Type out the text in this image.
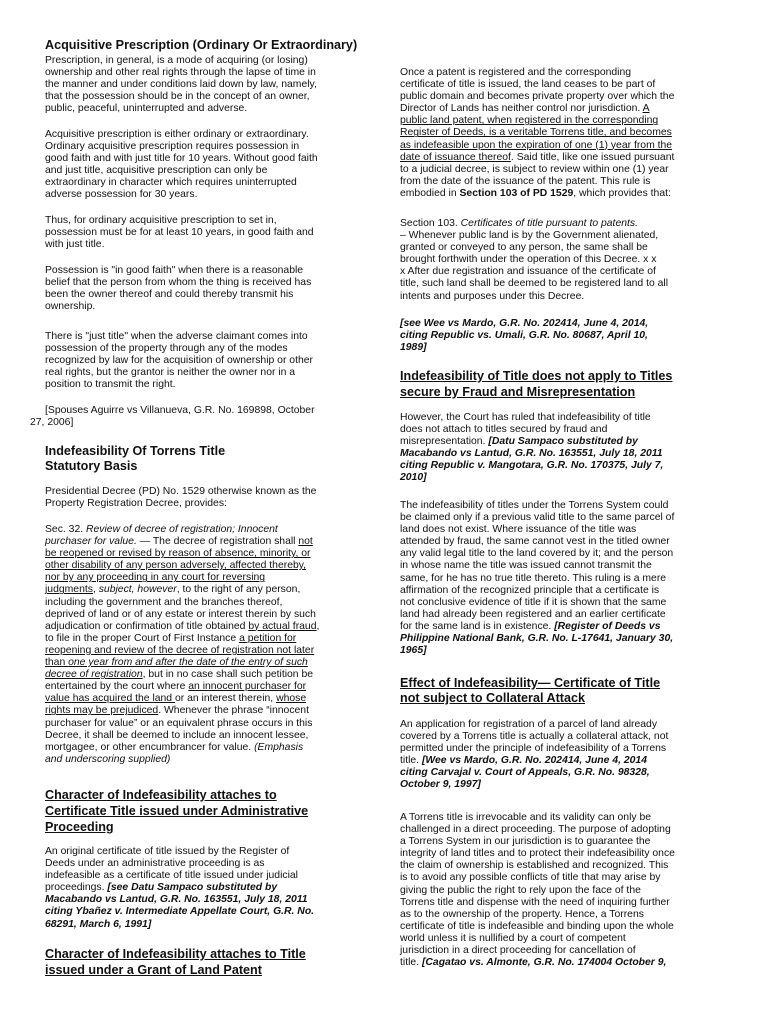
Acquisitive Prescription (Ordinary Or Extraordinary)
Prescription, in general, is a mode of acquiring (or losing)
ownership and other real rights through the lapse of time in
the manner and under conditions laid down by law, namely,
that the possession should be in the concept of an owner,
public, peaceful, uninterrupted and adverse.
Acquisitive prescription is either ordinary or extraordinary.
Ordinary acquisitive prescription requires possession in
good faith and with just title for 10 years. Without good faith
and just title, acquisitive prescription can only be
extraordinary in character which requires uninterrupted
adverse possession for 30 years.
Thus, for ordinary acquisitive prescription to set in,
possession must be for at least 10 years, in good faith and
with just title.
Possession is "in good faith" when there is a reasonable
belief that the person from whom the thing is received has
been the owner thereof and could thereby transmit his
ownership.
There is "just title" when the adverse claimant comes into
possession of the property through any of the modes
recognized by law for the acquisition of ownership or other
real rights, but the grantor is neither the owner nor in a
position to transmit the right.
[Spouses Aguirre vs Villanueva, G.R. No. 169898, October
27, 2006]
Indefeasibility Of Torrens Title
Statutory Basis
Presidential Decree (PD) No. 1529 otherwise known as the
Property Registration Decree, provides:
Sec. 32. Review of decree of registration; Innocent
purchaser for value. — The decree of registration shall not
be reopened or revised by reason of absence, minority, or
other disability of any person adversely, affected thereby,
nor by any proceeding in any court for reversing
judgments, subject, however, to the right of any person,
including the government and the branches thereof,
deprived of land or of any estate or interest therein by such
adjudication or confirmation of title obtained by actual fraud,
to file in the proper Court of First Instance a petition for
reopening and review of the decree of registration not later
than one year from and after the date of the entry of such
decree of registration, but in no case shall such petition be
entertained by the court where an innocent purchaser for
value has acquired the land or an interest therein, whose
rights may be prejudiced. Whenever the phrase “innocent
purchaser for value” or an equivalent phrase occurs in this
Decree, it shall be deemed to include an innocent lessee,
mortgagee, or other encumbrancer for value. (Emphasis
and underscoring supplied)
Character of Indefeasibility attaches to
Certificate Title issued under Administrative
Proceeding
An original certificate of title issued by the Register of
Deeds under an administrative proceeding is as
indefeasible as a certificate of title issued under judicial
proceedings. [see Datu Sampaco substituted by
Macabando vs Lantud, G.R. No. 163551, July 18, 2011
citing Ybañez v. Intermediate Appellate Court, G.R. No.
68291, March 6, 1991]
Character of Indefeasibility attaches to Title
issued under a Grant of Land Patent
Once a patent is registered and the corresponding
certificate of title is issued, the land ceases to be part of
public domain and becomes private property over which the
Director of Lands has neither control nor jurisdiction. A
public land patent, when registered in the corresponding
Register of Deeds, is a veritable Torrens title, and becomes
as indefeasible upon the expiration of one (1) year from the
date of issuance thereof. Said title, like one issued pursuant
to a judicial decree, is subject to review within one (1) year
from the date of the issuance of the patent. This rule is
embodied in Section 103 of PD 1529, which provides that:
Section 103. Certificates of title pursuant to patents.
– Whenever public land is by the Government alienated,
granted or conveyed to any person, the same shall be
brought forthwith under the operation of this Decree. x x
x After due registration and issuance of the certificate of
title, such land shall be deemed to be registered land to all
intents and purposes under this Decree.
[see Wee vs Mardo, G.R. No. 202414, June 4, 2014,
citing Republic vs. Umali, G.R. No. 80687, April 10,
1989]
Indefeasibility of Title does not apply to Titles
secure by Fraud and Misrepresentation
However, the Court has ruled that indefeasibility of title
does not attach to titles secured by fraud and
misrepresentation. [Datu Sampaco substituted by
Macabando vs Lantud, G.R. No. 163551, July 18, 2011
citing Republic v. Mangotara, G.R. No. 170375, July 7,
2010]
The indefeasibility of titles under the Torrens System could
be claimed only if a previous valid title to the same parcel of
land does not exist. Where issuance of the title was
attended by fraud, the same cannot vest in the titled owner
any valid legal title to the land covered by it; and the person
in whose name the title was issued cannot transmit the
same, for he has no true title thereto. This ruling is a mere
affirmation of the recognized principle that a certificate is
not conclusive evidence of title if it is shown that the same
land had already been registered and an earlier certificate
for the same land is in existence. [Register of Deeds vs
Philippine National Bank, G.R. No. L-17641, January 30,
1965]
Effect of Indefeasibility— Certificate of Title
not subject to Collateral Attack
An application for registration of a parcel of land already
covered by a Torrens title is actually a collateral attack, not
permitted under the principle of indefeasibility of a Torrens
title. [Wee vs Mardo, G.R. No. 202414, June 4, 2014
citing Carvajal v. Court of Appeals, G.R. No. 98328,
October 9, 1997]
A Torrens title is irrevocable and its validity can only be
challenged in a direct proceeding. The purpose of adopting
a Torrens System in our jurisdiction is to guarantee the
integrity of land titles and to protect their indefeasibility once
the claim of ownership is established and recognized. This
is to avoid any possible conflicts of title that may arise by
giving the public the right to rely upon the face of the
Torrens title and dispense with the need of inquiring further
as to the ownership of the property. Hence, a Torrens
certificate of title is indefeasible and binding upon the whole
world unless it is nullified by a court of competent
jurisdiction in a direct proceeding for cancellation of
title. [Cagatao vs. Almonte, G.R. No. 174004 October 9,
